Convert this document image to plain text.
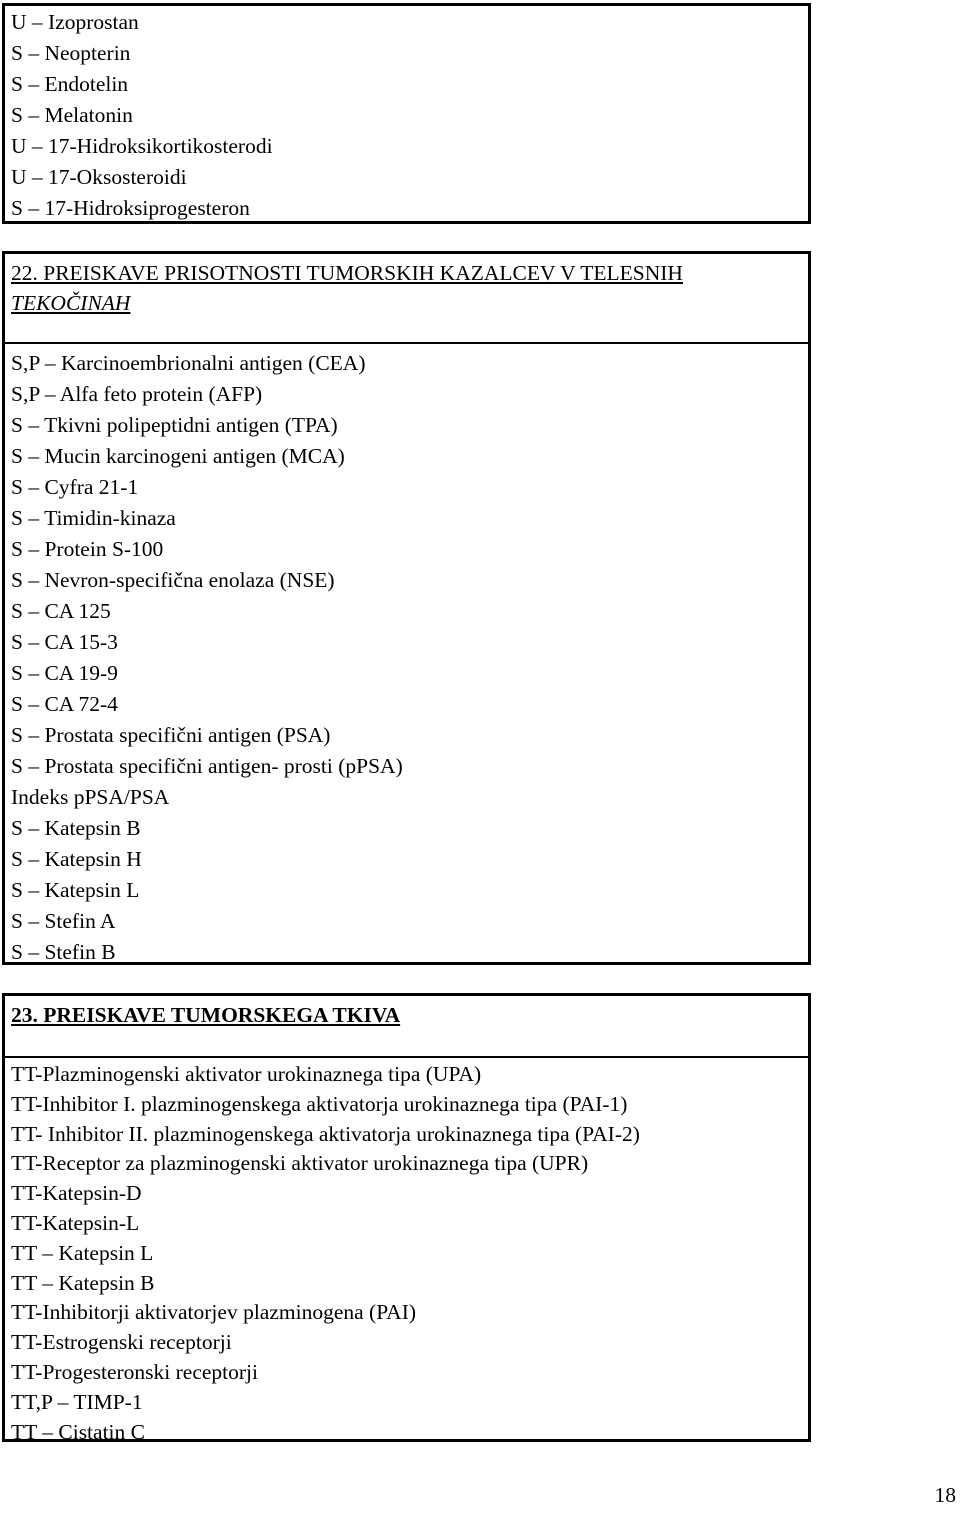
U – Izoprostan
S – Neopterin
S – Endotelin
S – Melatonin
U – 17-Hidroksikortikosterodi
U – 17-Oksosteroidi
S – 17-Hidroksiprogesteron
22. PREISKAVE PRISOTNOSTI TUMORSKIH KAZALCEV V TELESNIH
TEKOČINAH
S,P – Karcinoembrionalni antigen (CEA)
S,P – Alfa feto protein (AFP)
S – Tkivni polipeptidni antigen (TPA)
S – Mucin karcinogeni antigen (MCA)
S – Cyfra 21-1
S – Timidin-kinaza
S – Protein S-100
S – Nevron-specifična enolaza (NSE)
S – CA 125
S – CA 15-3
S – CA 19-9
S – CA 72-4
S – Prostata specifični antigen (PSA)
S – Prostata specifični antigen- prosti (pPSA)
Indeks pPSA/PSA
S – Katepsin B
S – Katepsin H
S – Katepsin L
S – Stefin A
S – Stefin B
23. PREISKAVE TUMORSKEGA TKIVA
TT-Plazminogenski aktivator urokinaznega tipa (UPA)
TT-Inhibitor I. plazminogenskega aktivatorja urokinaznega tipa (PAI-1)
TT- Inhibitor II. plazminogenskega aktivatorja urokinaznega tipa (PAI-2)
TT-Receptor za plazminogenski aktivator urokinaznega tipa (UPR)
TT-Katepsin-D
TT-Katepsin-L
TT – Katepsin L
TT – Katepsin B
TT-Inhibitorji aktivatorjev plazminogena (PAI)
TT-Estrogenski receptorji
TT-Progesteronski receptorji
TT,P – TIMP-1
TT – Cistatin C
18
